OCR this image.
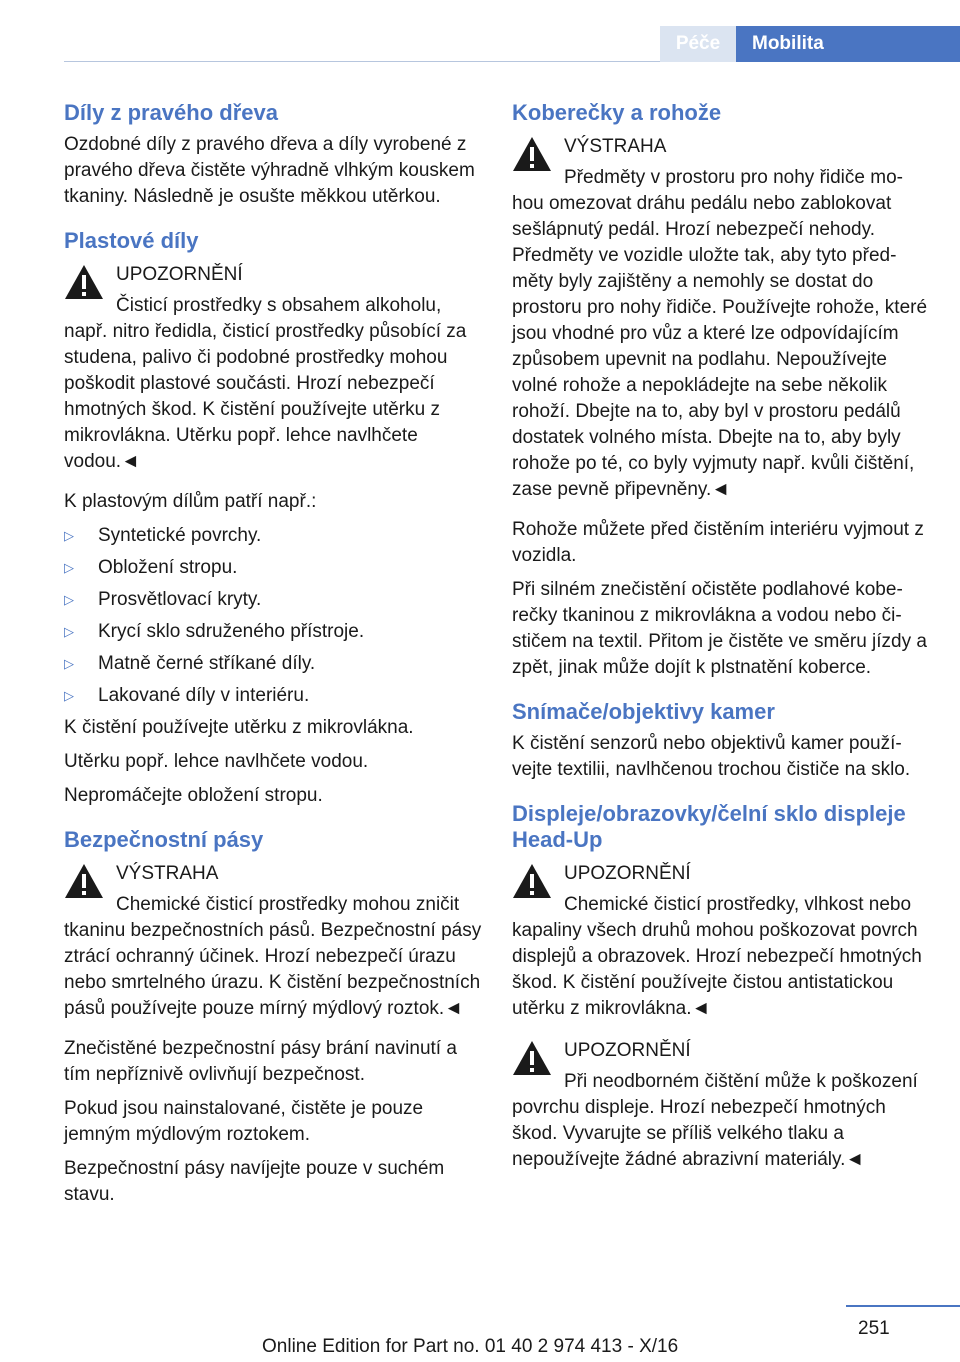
Péče	Mobilita
Díly z pravého dřeva

Ozdobné díly z pravého dřeva a díly vyrobené z pravého dřeva čistěte výhradně vlhkým kouskem tkaniny. Následně je osušte měkkou utěrkou.

Plastové díly
UPOZORNĚNÍ
Čisticí prostředky s obsahem alkoholu, např. nitro ředidla, čisticí prostředky působící za studena, palivo či podobné prostředky mohou poškodit plastové součásti. Hrozí nebezpečí hmotných škod. K čistění používejte utěrku z mikrovlákna. Utěrku popř. lehce navlhčete vodou.◄

K plastovým dílům patří např.:

▷ Syntetické povrchy.
▷ Obložení stropu.
▷ Prosvětlovací kryty.
▷ Krycí sklo sdruženého přístroje.
▷ Matně černé stříkané díly.
▷ Lakované díly v interiéru.

K čistění používejte utěrku z mikrovlákna.

Utěrku popř. lehce navlhčete vodou.

Nepromáčejte obložení stropu.

Bezpečnostní pásy
VÝSTRAHA
Chemické čisticí prostředky mohou zničit tkaninu bezpečnostních pásů. Bezpečnostní pásy ztrácí ochranný účinek. Hrozí nebezpečí úrazu nebo smrtelného úrazu. K čistění bezpečnostních pásů používejte pouze mírný mýdlový roztok.◄

Znečistěné bezpečnostní pásy brání navinutí a tím nepříznivě ovlivňují bezpečnost.

Pokud jsou nainstalované, čistěte je pouze jemným mýdlovým roztokem.

Bezpečnostní pásy navíjejte pouze v suchém stavu.

Koberečky a rohože
VÝSTRAHA
Předměty v prostoru pro nohy řidiče mohou omezovat dráhu pedálu nebo zablokovat sešlápnutý pedál. Hrozí nebezpečí nehody. Předměty ve vozidle uložte tak, aby tyto předměty byly zajištěny a nemohly se dostat do prostoru pro nohy řidiče. Používejte rohože, které jsou vhodné pro vůz a které lze odpovídajícím způsobem upevnit na podlahu. Nepoužívejte volné rohože a nepokládejte na sebe několik rohoží. Dbejte na to, aby byl v prostoru pedálů dostatek volného místa. Dbejte na to, aby byly rohože po té, co byly vyjmuty např. kvůli čištění, zase pevně připevněny.◄

Rohože můžete před čistěním interiéru vyjmout z vozidla.

Při silném znečistění očistěte podlahové koberečky tkaninou z mikrovlákna a vodou nebo čističem na textil. Přitom je čistěte ve směru jízdy a zpět, jinak může dojít k plstnatění koberce.

Snímače/objektivy kamer

K čistění senzorů nebo objektivů kamer používejte textilii, navlhčenou trochou čističe na sklo.

Displeje/obrazovky/čelní sklo displeje Head-Up
UPOZORNĚNÍ
Chemické čisticí prostředky, vlhkost nebo kapaliny všech druhů mohou poškozovat povrch displejů a obrazovek. Hrozí nebezpečí hmotných škod. K čistění používejte čistou antistatickou utěrku z mikrovlákna.◄
UPOZORNĚNÍ
Při neodborném čištění může k poškození povrchu displeje. Hrozí nebezpečí hmotných škod. Vyvarujte se příliš velkého tlaku a nepoužívejte žádné abrazivní materiály.◄
251
Online Edition for Part no. 01 40 2 974 413 - X/16
